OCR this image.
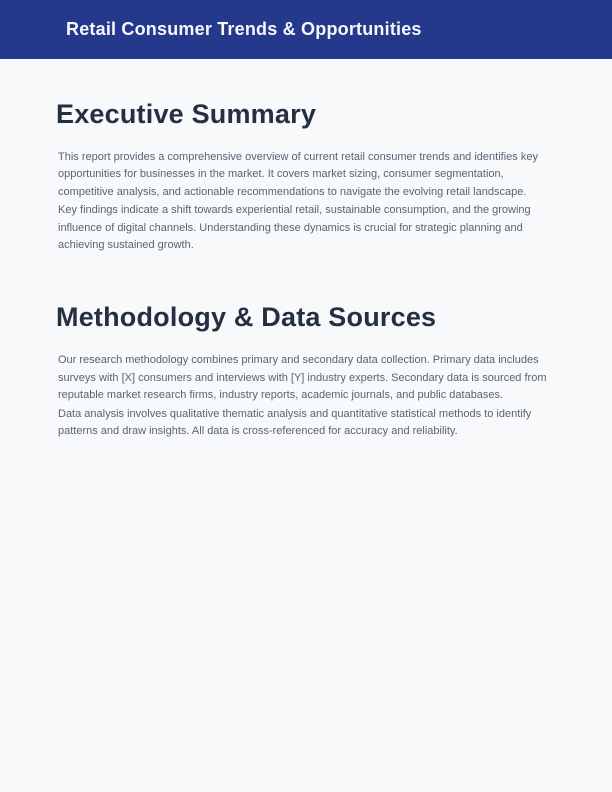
Retail Consumer Trends & Opportunities
Executive Summary

This report provides a comprehensive overview of current retail consumer trends and identifies key opportunities for businesses in the market. It covers market sizing, consumer segmentation, competitive analysis, and actionable recommendations to navigate the evolving retail landscape.

Key findings indicate a shift towards experiential retail, sustainable consumption, and the growing influence of digital channels. Understanding these dynamics is crucial for strategic planning and achieving sustained growth.

Methodology & Data Sources

Our research methodology combines primary and secondary data collection. Primary data includes surveys with [X] consumers and interviews with [Y] industry experts. Secondary data is sourced from reputable market research firms, industry reports, academic journals, and public databases.

Data analysis involves qualitative thematic analysis and quantitative statistical methods to identify patterns and draw insights. All data is cross-referenced for accuracy and reliability.
